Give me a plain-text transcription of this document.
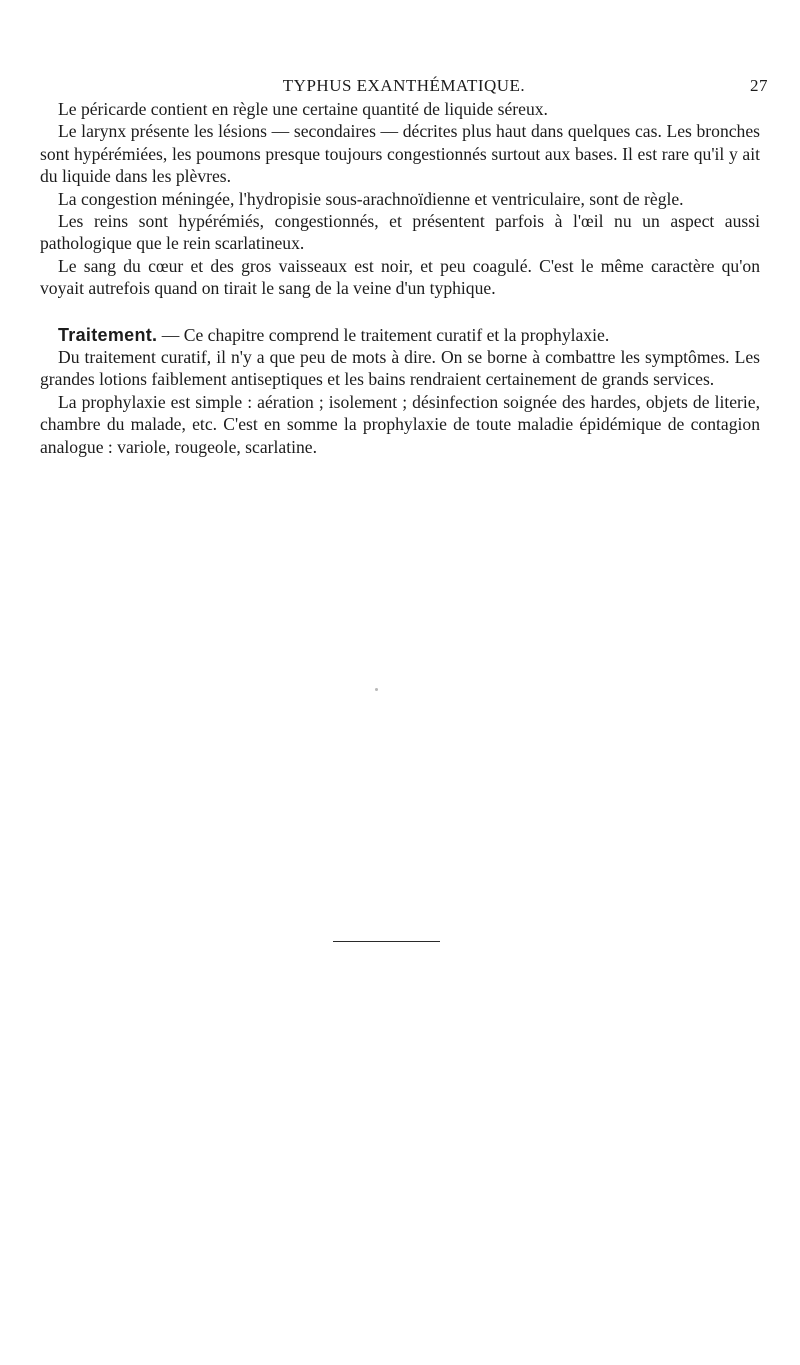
TYPHUS EXANTHÉMATIQUE.	27

Le péricarde contient en règle une certaine quantité de liquide séreux.

Le larynx présente les lésions — secondaires — décrites plus haut dans quelques cas. Les bronches sont hypérémiées, les poumons presque toujours congestionnés surtout aux bases. Il est rare qu'il y ait du liquide dans les plèvres.

La congestion méningée, l'hydropisie sous-arachnoïdienne et ventriculaire, sont de règle.

Les reins sont hypérémiés, congestionnés, et présentent parfois à l'œil nu un aspect aussi pathologique que le rein scarlatineux.

Le sang du cœur et des gros vaisseaux est noir, et peu coagulé. C'est le même caractère qu'on voyait autrefois quand on tirait le sang de la veine d'un typhique.

Traitement. — Ce chapitre comprend le traitement curatif et la prophylaxie.

Du traitement curatif, il n'y a que peu de mots à dire. On se borne à combattre les symptômes. Les grandes lotions faiblement antiseptiques et les bains rendraient certainement de grands services.

La prophylaxie est simple : aération ; isolement ; désinfection soignée des hardes, objets de literie, chambre du malade, etc. C'est en somme la prophylaxie de toute maladie épidémique de contagion analogue : variole, rougeole, scarlatine.
